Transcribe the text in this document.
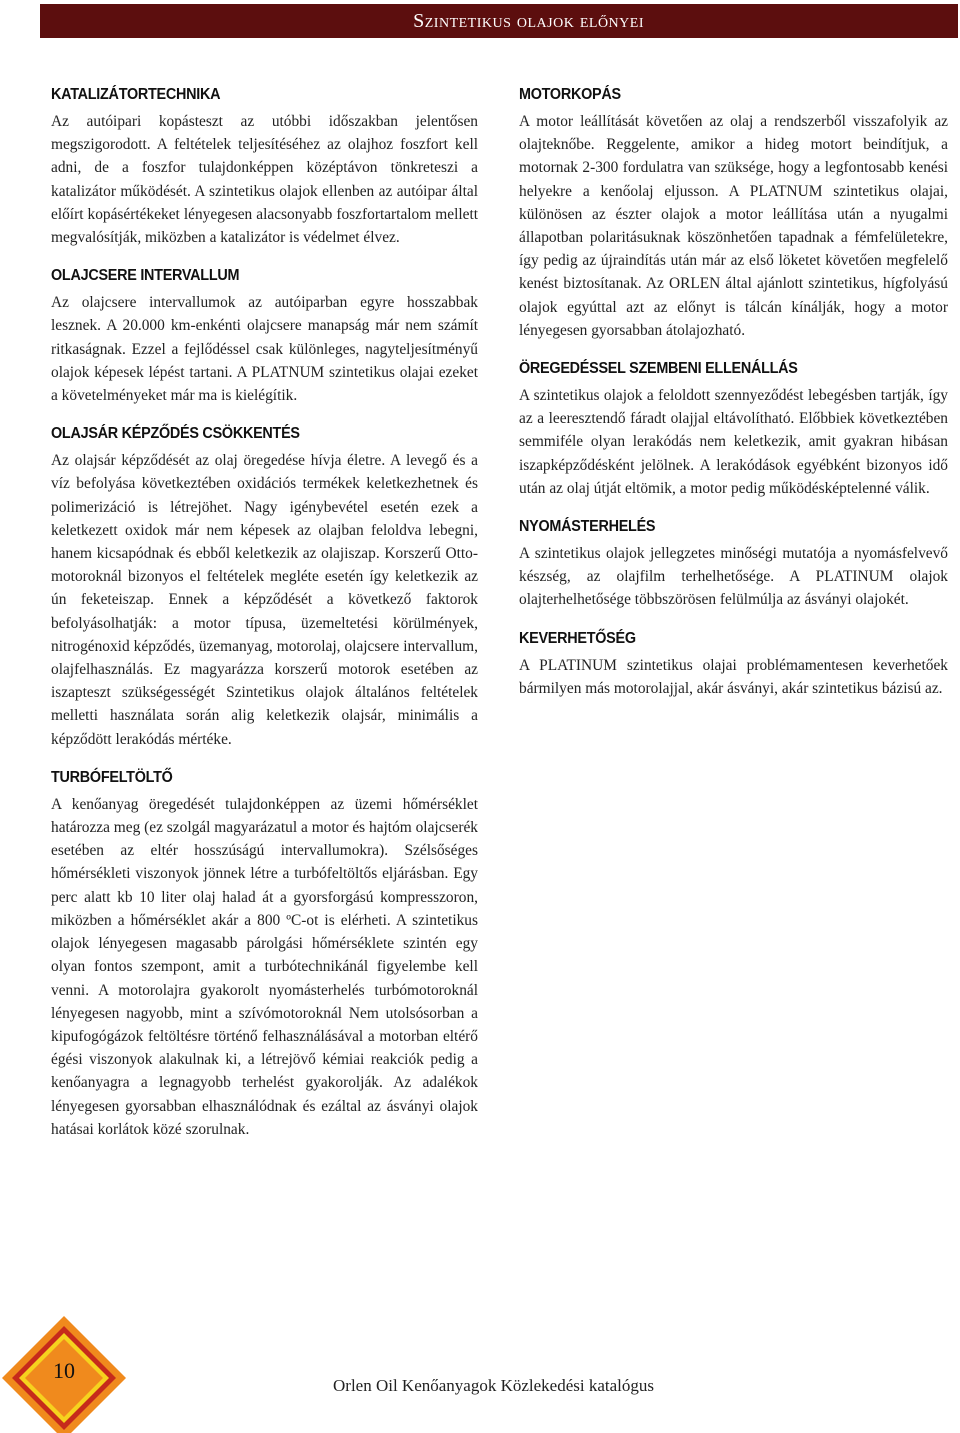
Szintetikus olajok előnyei
KATALIZÁTORTECHNIKA

Az autóipari kopásteszt az utóbbi időszakban jelentősen megszigorodott. A feltételek teljesítéséhez az olajhoz foszfort kell adni, de a foszfor tulajdonképpen középtávon tönkreteszi a katalizátor működését. A szintetikus olajok ellenben az autóipar által előírt kopásértékeket lényegesen alacsonyabb foszfortartalom mellett megvalósítják, miközben a katalizátor is védelmet élvez.

OLAJCSERE INTERVALLUM

Az olajcsere intervallumok az autóiparban egyre hosszabbak lesznek. A 20.000 km-enkénti olajcsere manapság már nem számít ritkaságnak. Ezzel a fejlődéssel csak különleges, nagyteljesítményű olajok képesek lépést tartani. A PLATNUM szintetikus olajai ezeket a követelményeket már ma is kielégítik.

OLAJSÁR KÉPZŐDÉS CSÖKKENTÉS

Az olajsár képződését az olaj öregedése hívja életre. A levegő és a víz befolyása következtében oxidációs termékek keletkezhetnek és polimerizáció is létrejöhet. Nagy igénybevétel esetén ezek a keletkezett oxidok már nem képesek az olajban feloldva lebegni, hanem kicsapódnak és ebből keletkezik az olajiszap. Korszerű Otto-motoroknál bizonyos el feltételek megléte esetén így keletkezik az ún feketeiszap. Ennek a képződését a következő faktorok befolyásolhatják: a motor típusa, üzemeltetési körülmények, nitrogénoxid képződés, üzemanyag, motorolaj, olajcsere intervallum, olajfelhasználás. Ez magyarázza korszerű motorok esetében az iszapteszt szükségességét Szintetikus olajok általános feltételek melletti használata során alig keletkezik olajsár, minimális a képződött lerakódás mértéke.

TURBÓFELTÖLTŐ

A kenőanyag öregedését tulajdonképpen az üzemi hőmérséklet határozza meg (ez szolgál magyarázatul a motor és hajtóm olajcserék esetében az eltér hosszúságú intervallumokra). Szélsőséges hőmérsékleti viszonyok jönnek létre a turbófeltöltős eljárásban. Egy perc alatt kb 10 liter olaj halad át a gyorsforgású kompresszoron, miközben a hőmérséklet akár a 800 ºC-ot is elérheti. A szintetikus olajok lényegesen magasabb párolgási hőmérséklete szintén egy olyan fontos szempont, amit a turbótechnikánál figyelembe kell venni. A motorolajra gyakorolt nyomásterhelés turbómotoroknál lényegesen nagyobb, mint a szívómotoroknál Nem utolsósorban a kipufogógázok feltöltésre történő felhasználásával a motorban eltérő égési viszonyok alakulnak ki, a létrejövő kémiai reakciók pedig a kenőanyagra a legnagyobb terhelést gyakorolják. Az adalékok lényegesen gyorsabban elhasználódnak és ezáltal az ásványi olajok hatásai korlátok közé szorulnak.

MOTORKOPÁS

A motor leállítását követően az olaj a rendszerből visszafolyik az olajteknőbe. Reggelente, amikor a hideg motort beindítjuk, a motornak 2-300 fordulatra van szüksége, hogy a legfontosabb kenési helyekre a kenőolaj eljusson. A PLATNUM szintetikus olajai, különösen az észter olajok a motor leállítása után a nyugalmi állapotban polaritásuknak köszönhetően tapadnak a fémfelületekre, így pedig az újraindítás után már az első löketet követően megfelelő kenést biztosítanak. Az ORLEN által ajánlott szintetikus, hígfolyású olajok egyúttal azt az előnyt is tálcán kínálják, hogy a motor lényegesen gyorsabban átolajozható.

ÖREGEDÉSSEL SZEMBENI ELLENÁLLÁS

A szintetikus olajok a feloldott szennyeződést lebegésben tartják, így az a leeresztendő fáradt olajjal eltávolítható. Előbbiek következtében semmiféle olyan lerakódás nem keletkezik, amit gyakran hibásan iszapképződésként jelölnek. A lerakódások egyébként bizonyos idő után az olaj útját eltömik, a motor pedig működésképtelenné válik.

NYOMÁSTERHELÉS

A szintetikus olajok jellegzetes minőségi mutatója a nyomásfelvevő készség, az olajfilm terhelhetősége. A PLATINUM olajok olajterhelhetősége többszörösen felülmúlja az ásványi olajokét.

KEVERHETŐSÉG

A PLATINUM szintetikus olajai problémamentesen keverhetőek bármilyen más motorolajjal, akár ásványi, akár szintetikus bázisú az.

10
Orlen Oil Kenőanyagok Közlekedési katalógus
